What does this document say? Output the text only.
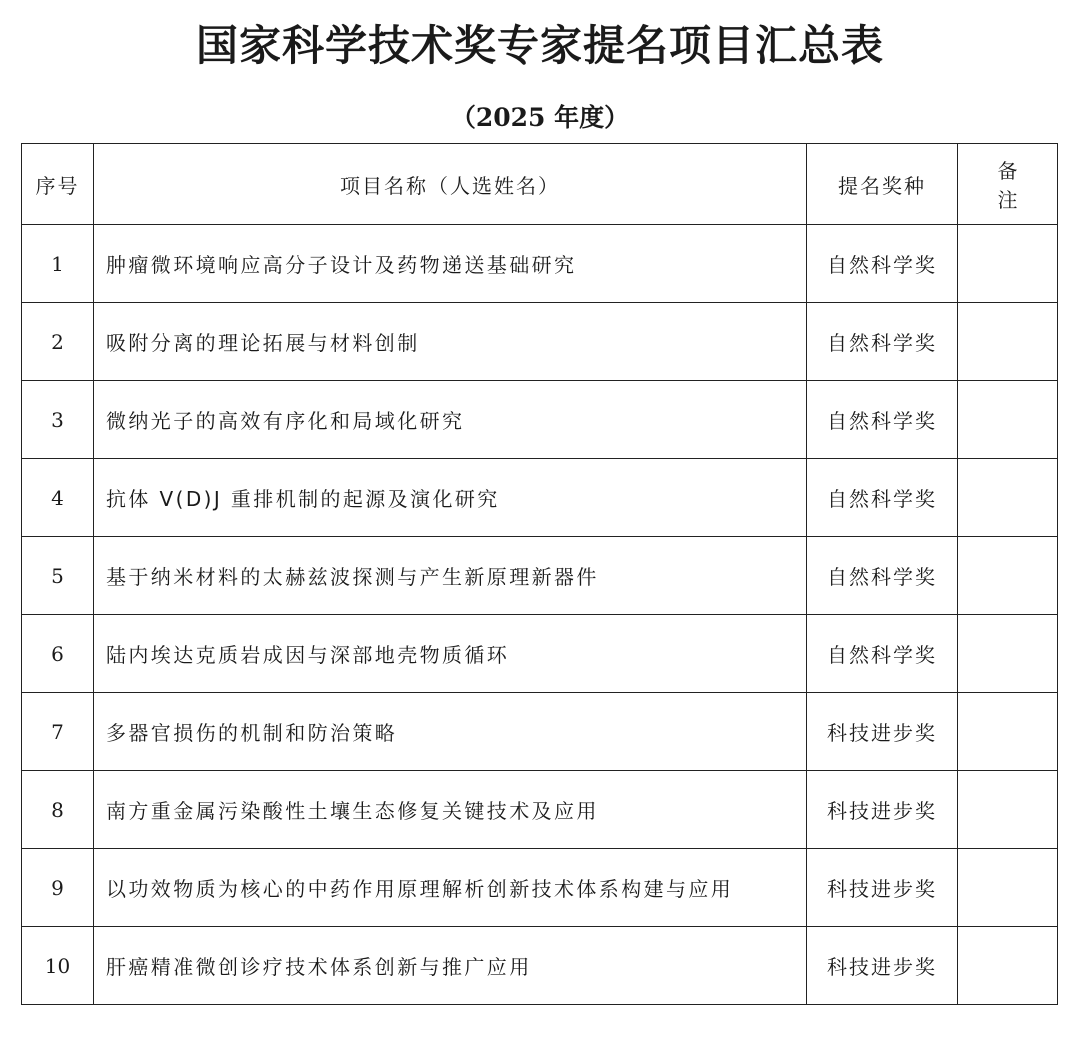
国家科学技术奖专家提名项目汇总表
（2025 年度）
序号	项目名称（人选姓名）	提名奖种	备 注
1	肿瘤微环境响应高分子设计及药物递送基础研究	自然科学奖	
2	吸附分离的理论拓展与材料创制	自然科学奖	
3	微纳光子的高效有序化和局域化研究	自然科学奖	
4	抗体 V(D)J 重排机制的起源及演化研究	自然科学奖	
5	基于纳米材料的太赫兹波探测与产生新原理新器件	自然科学奖	
6	陆内埃达克质岩成因与深部地壳物质循环	自然科学奖	
7	多器官损伤的机制和防治策略	科技进步奖	
8	南方重金属污染酸性土壤生态修复关键技术及应用	科技进步奖	
9	以功效物质为核心的中药作用原理解析创新技术体系构建与应用	科技进步奖	
10	肝癌精准微创诊疗技术体系创新与推广应用	科技进步奖	
